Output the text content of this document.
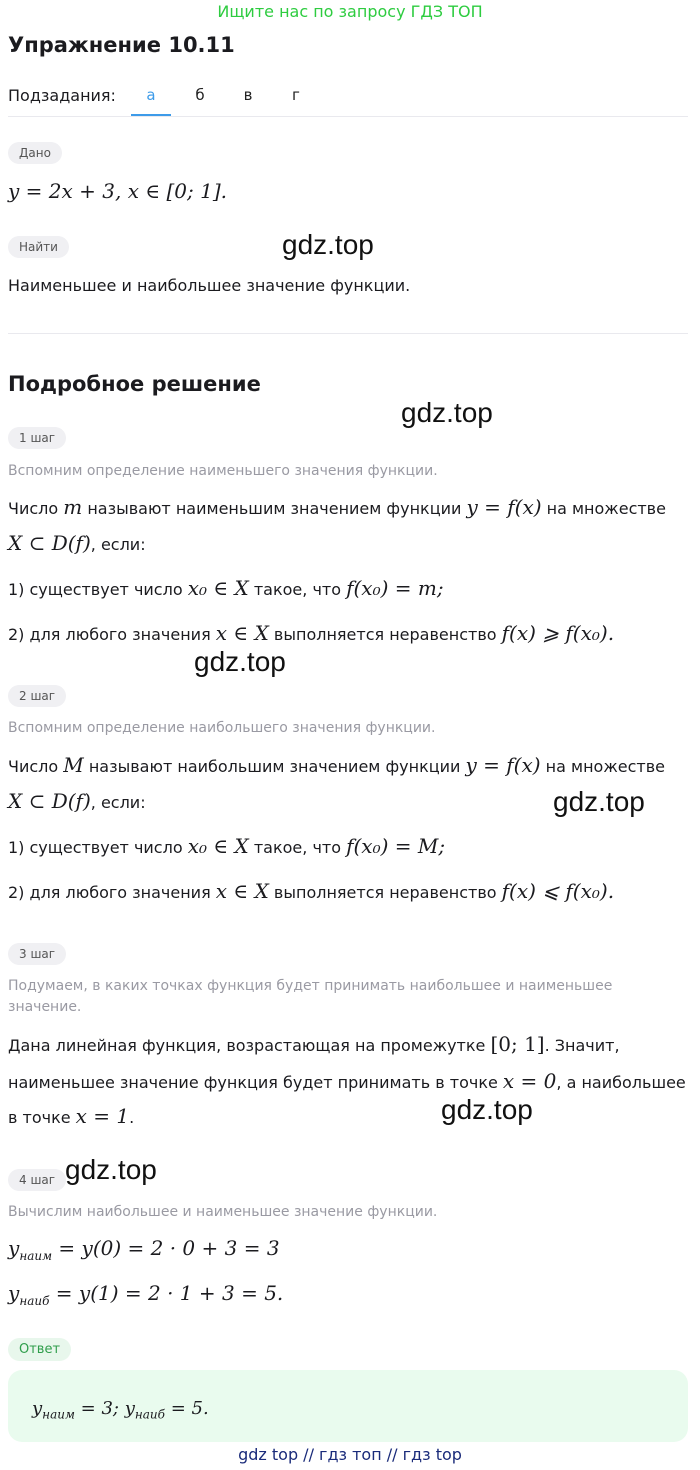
Ищите нас по запросу ГДЗ ТОП
Упражнение 10.11
Подзадания:	а	б	в	г
Дано
y = 2x + 3, x ∈ [0; 1].
Найти
Наименьшее и наибольшее значение функции.
Подробное решение
1 шаг
Вспомним определение наименьшего значения функции.
Число m называют наименьшим значением функции y = f(x) на множестве
X ⊂ D(f), если:
1) существует число x₀ ∈ X такое, что f(x₀) = m;
2) для любого значения x ∈ X выполняется неравенство f(x) ⩾ f(x₀).
2 шаг
Вспомним определение наибольшего значения функции.
Число M называют наибольшим значением функции y = f(x) на множестве
X ⊂ D(f), если:
1) существует число x₀ ∈ X такое, что f(x₀) = M;
2) для любого значения x ∈ X выполняется неравенство f(x) ⩽ f(x₀).
3 шаг
Подумаем, в каких точках функция будет принимать наибольшее и наименьшее
значение.
Дана линейная функция, возрастающая на промежутке [0; 1]. Значит,
наименьшее значение функция будет принимать в точке x = 0, а наибольшее
в точке x = 1.
4 шаг
Вычислим наибольшее и наименьшее значение функции.
$y_{наим} = y(0) = 2 \cdot 0 + 3 = 3$
$y_{наиб} = y(1) = 2 \cdot 1 + 3 = 5$.
Ответ
$y_{наим} = 3$; $y_{наиб} = 5$.
gdz.top
gdz.top
gdz.top
gdz.top
gdz.top
gdz.top
gdz top // гдз топ // гдз top
